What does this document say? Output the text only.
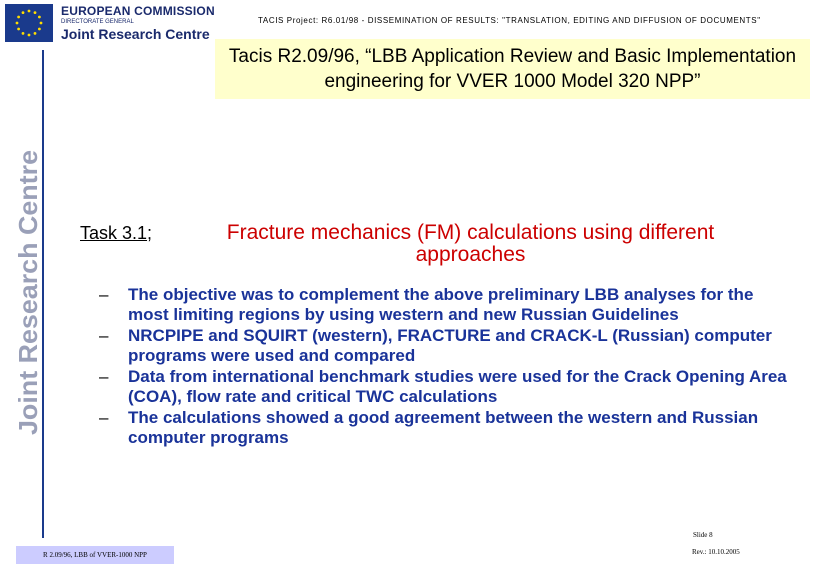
EUROPEAN COMMISSION
DIRECTORATE GENERAL
Joint Research Centre
TACIS Project: R6.01/98 - DISSEMINATION OF RESULTS: "TRANSLATION, EDITING AND DIFFUSION OF DOCUMENTS"
Tacis R2.09/96, “LBB Application Review and Basic Implementation engineering for VVER 1000 Model 320 NPP”
Joint Research Centre Task 3.1;	Fracture mechanics (FM) calculations using different approaches
– The objective was to complement the above preliminary LBB analyses for the most limiting regions by using western and new Russian Guidelines
– NRCPIPE and SQUIRT (western), FRACTURE and CRACK-L (Russian) computer programs were used and compared
– Data from international benchmark studies were used for the Crack Opening Area (COA), flow rate and critical TWC calculations
– The calculations showed a good agreement between the western and Russian computer programs
R 2.09/96, LBB of VVER-1000 NPP
Slide 8
Rev.: 10.10.2005
